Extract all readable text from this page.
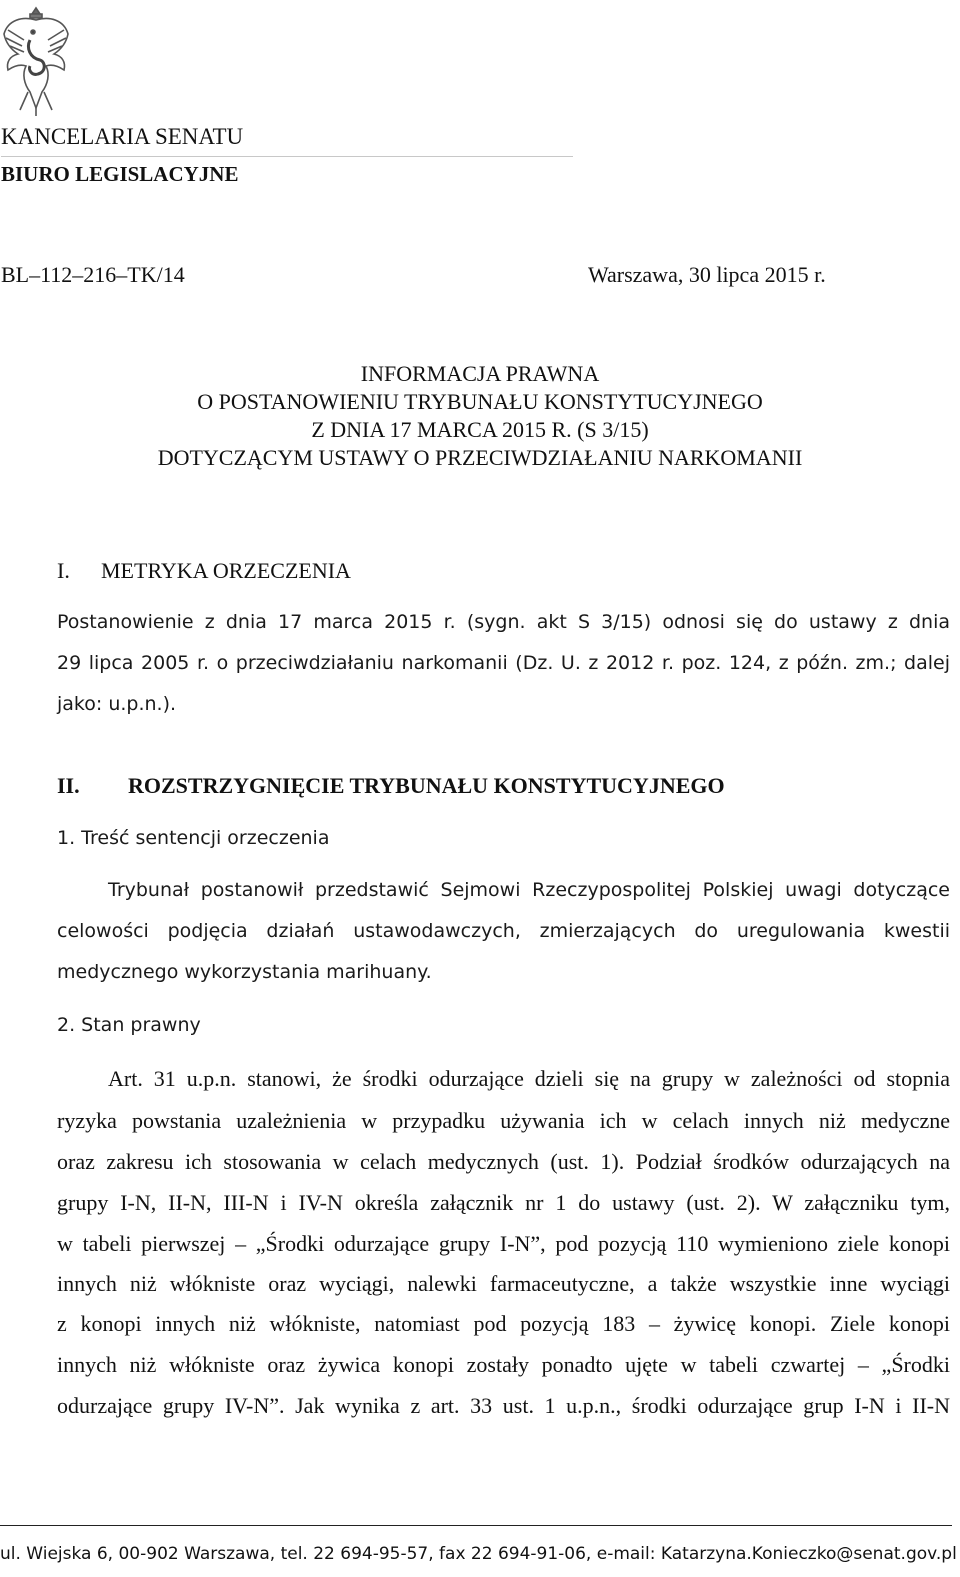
KANCELARIA SENATU
BIURO LEGISLACYJNE
BL–112–216–TK/14	Warszawa, 30 lipca 2015 r.
INFORMACJA PRAWNA
O POSTANOWIENIU TRYBUNAŁU KONSTYTUCYJNEGO
Z DNIA 17 MARCA 2015 R. (S 3/15)
DOTYCZĄCYM USTAWY O PRZECIWDZIAŁANIU NARKOMANII
I. METRYKA ORZECZENIA
Postanowienie z dnia 17 marca 2015 r. (sygn. akt S 3/15) odnosi się do ustawy z dnia
29 lipca 2005 r. o przeciwdziałaniu narkomanii (Dz. U. z 2012 r. poz. 124, z późn. zm.; dalej
jako: u.p.n.).
II. ROZSTRZYGNIĘCIE TRYBUNAŁU KONSTYTUCYJNEGO
1. Treść sentencji orzeczenia
Trybunał postanowił przedstawić Sejmowi Rzeczypospolitej Polskiej uwagi dotyczące
celowości podjęcia działań ustawodawczych, zmierzających do uregulowania kwestii
medycznego wykorzystania marihuany.
2. Stan prawny
Art. 31 u.p.n. stanowi, że środki odurzające dzieli się na grupy w zależności od stopnia
ryzyka powstania uzależnienia w przypadku używania ich w celach innych niż medyczne
oraz zakresu ich stosowania w celach medycznych (ust. 1). Podział środków odurzających na
grupy I-N, II-N, III-N i IV-N określa załącznik nr 1 do ustawy (ust. 2). W załączniku tym,
w tabeli pierwszej – „Środki odurzające grupy I-N”, pod pozycją 110 wymieniono ziele konopi
innych niż włókniste oraz wyciągi, nalewki farmaceutyczne, a także wszystkie inne wyciągi
z konopi innych niż włókniste, natomiast pod pozycją 183 – żywicę konopi. Ziele konopi
innych niż włókniste oraz żywica konopi zostały ponadto ujęte w tabeli czwartej – „Środki
odurzające grupy IV-N”. Jak wynika z art. 33 ust. 1 u.p.n., środki odurzające grup I-N i II-N
ul. Wiejska 6, 00-902 Warszawa, tel. 22 694-95-57, fax 22 694-91-06, e-mail: Katarzyna.Konieczko@senat.gov.pl
